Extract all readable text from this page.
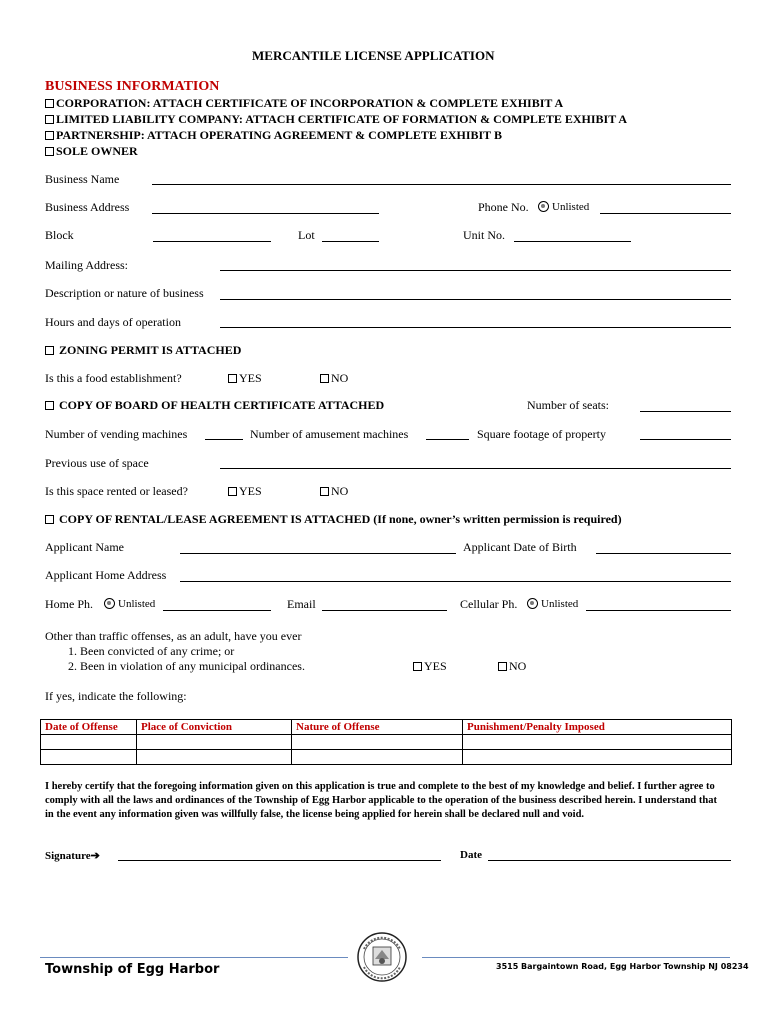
MERCANTILE LICENSE APPLICATION
BUSINESS INFORMATION
CORPORATION: ATTACH CERTIFICATE OF INCORPORATION & COMPLETE EXHIBIT A
LIMITED LIABILITY COMPANY: ATTACH CERTIFICATE OF FORMATION & COMPLETE EXHIBIT A
PARTNERSHIP: ATTACH OPERATING AGREEMENT & COMPLETE EXHIBIT B
SOLE OWNER
Business Name
Business Address	Phone No.	Unlisted
Block	Lot	Unit No.
Mailing Address:
Description or nature of business
Hours and days of operation
ZONING PERMIT IS ATTACHED
Is this a food establishment?	YES	NO
COPY OF BOARD OF HEALTH CERTIFICATE ATTACHED	Number of seats:
Number of vending machines	Number of amusement machines	Square footage of property
Previous use of space
Is this space rented or leased?	YES	NO
COPY OF RENTAL/LEASE AGREEMENT IS ATTACHED (If none, owner’s written permission is required)
Applicant Name	Applicant Date of Birth
Applicant Home Address
Home Ph.	Unlisted	Email	Cellular Ph.	Unlisted
Other than traffic offenses, as an adult, have you ever
1. Been convicted of any crime; or
2. Been in violation of any municipal ordinances.	YES	NO
If yes, indicate the following:
Date of Offense	Place of Conviction	Nature of Offense	Punishment/Penalty Imposed

I hereby certify that the foregoing information given on this application is true and complete to the best of my knowledge and belief. I further agree to comply with all the laws and ordinances of the Township of Egg Harbor applicable to the operation of the business described herein. I understand that in the event any information given was willfully false, the license being applied for herein shall be declared null and void.
Signature➔	Date
Township of Egg Harbor	3515 Bargaintown Road, Egg Harbor Township NJ 08234
